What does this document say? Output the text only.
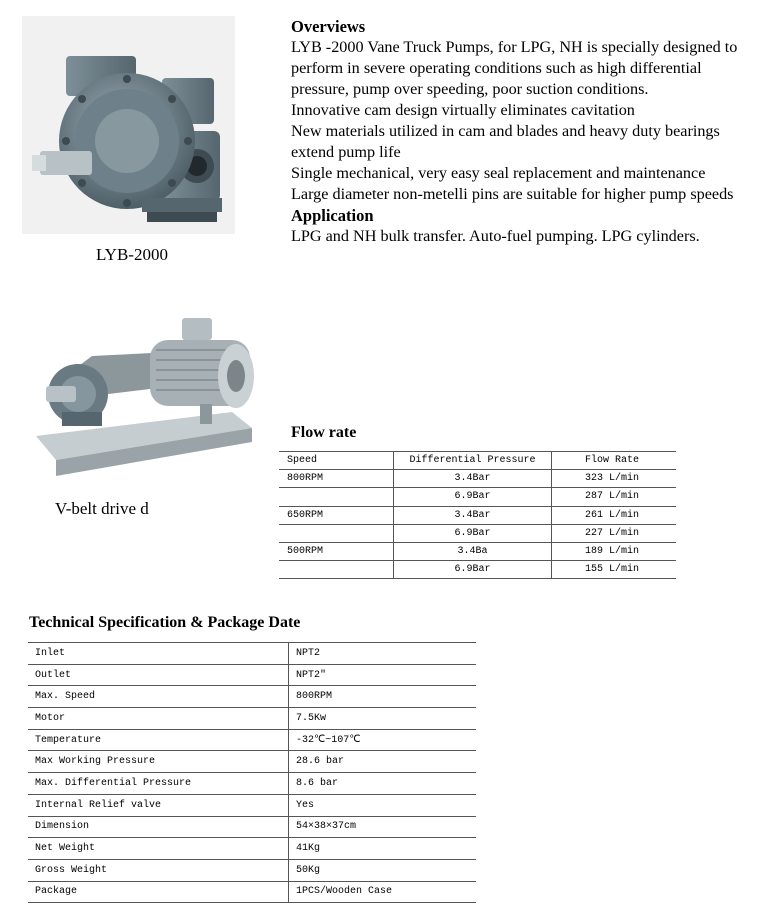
LYB-2000
Overviews

LYB -2000 Vane Truck Pumps, for LPG, NH is specially designed to perform in severe operating conditions such as high differential pressure, pump over speeding, poor suction conditions.

Innovative cam design virtually eliminates cavitation

New materials utilized in cam and blades and heavy duty bearings extend pump life

Single mechanical, very easy seal replacement and maintenance

Large diameter non-metelli pins are suitable for higher pump speeds

Application

LPG and NH bulk transfer. Auto-fuel pumping. LPG cylinders.

V-belt drive d
Flow rate
Speed	Differential Pressure	Flow Rate
800RPM	3.4Bar	323 L/min
	6.9Bar	287 L/min
650RPM	3.4Bar	261 L/min
	6.9Bar	227 L/min
500RPM	3.4Ba	189 L/min
	6.9Bar	155 L/min
Technical Specification & Package Date
Inlet	NPT2
Outlet	NPT2″
Max. Speed	800RPM
Motor	7.5Kw
Temperature	-32℃~107℃
Max Working Pressure	28.6 bar
Max. Differential Pressure	8.6 bar
Internal Relief valve	Yes
Dimension	54×38×37cm
Net Weight	41Kg
Gross Weight	50Kg
Package	1PCS/Wooden Case
